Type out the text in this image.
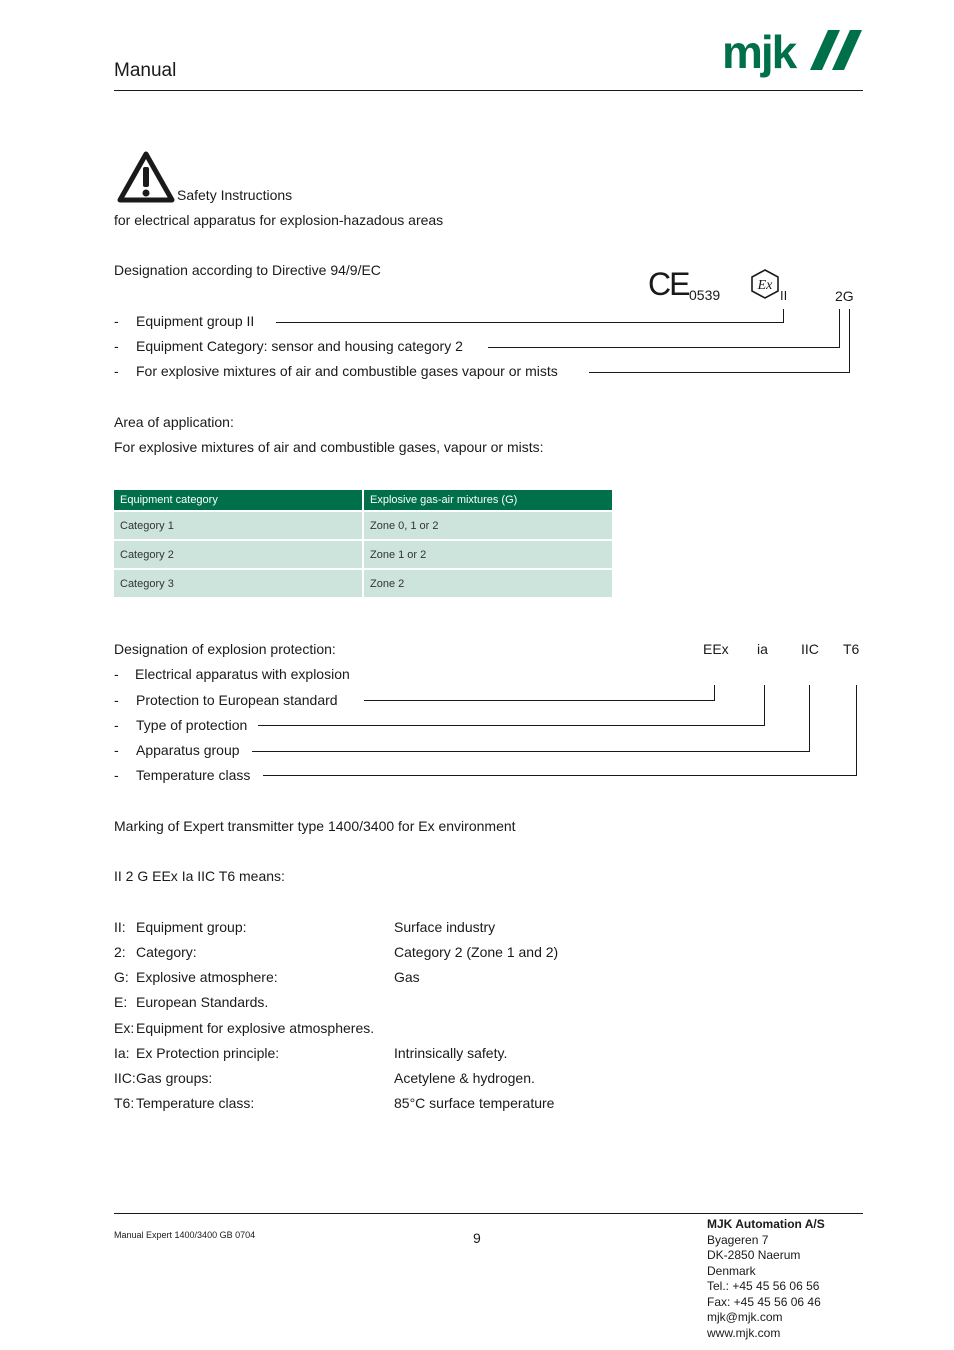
Manual	mjk
Safety Instructions
for electrical apparatus for explosion-hazadous areas
Designation according to Directive 94/9/EC	CE 0539
Ex
II	2G
- Equipment group II
- Equipment Category: sensor and housing category 2
- For explosive mixtures of air and combustible gases vapour or mists
Area of application:
For explosive mixtures of air and combustible gases, vapour or mists:
Equipment category	Explosive gas-air mixtures (G)
Category 1	Zone 0, 1 or 2
Category 2	Zone 1 or 2
Category 3	Zone 2
Designation of explosion protection:	EEx ia IIC T6
- Electrical apparatus with explosion
- Protection to European standard
- Type of protection
- Apparatus group
- Temperature class
Marking of Expert transmitter type 1400/3400 for Ex environment
II 2 G EEx Ia IIC T6 means:
II: Equipment group:	Surface industry
2: Category:	Category 2 (Zone 1 and 2)
G: Explosive atmosphere:	Gas
E: European Standards.
Ex: Equipment for explosive atmospheres.
Ia: Ex Protection principle:	Intrinsically safety.
IIC: Gas groups:	Acetylene & hydrogen.
T6: Temperature class:	85°C surface temperature
Manual Expert 1400/3400 GB 0704	9
MJK Automation A/S
Byageren 7
DK-2850 Naerum
Denmark
Tel.: +45 45 56 06 56
Fax: +45 45 56 06 46
mjk@mjk.com
www.mjk.com
